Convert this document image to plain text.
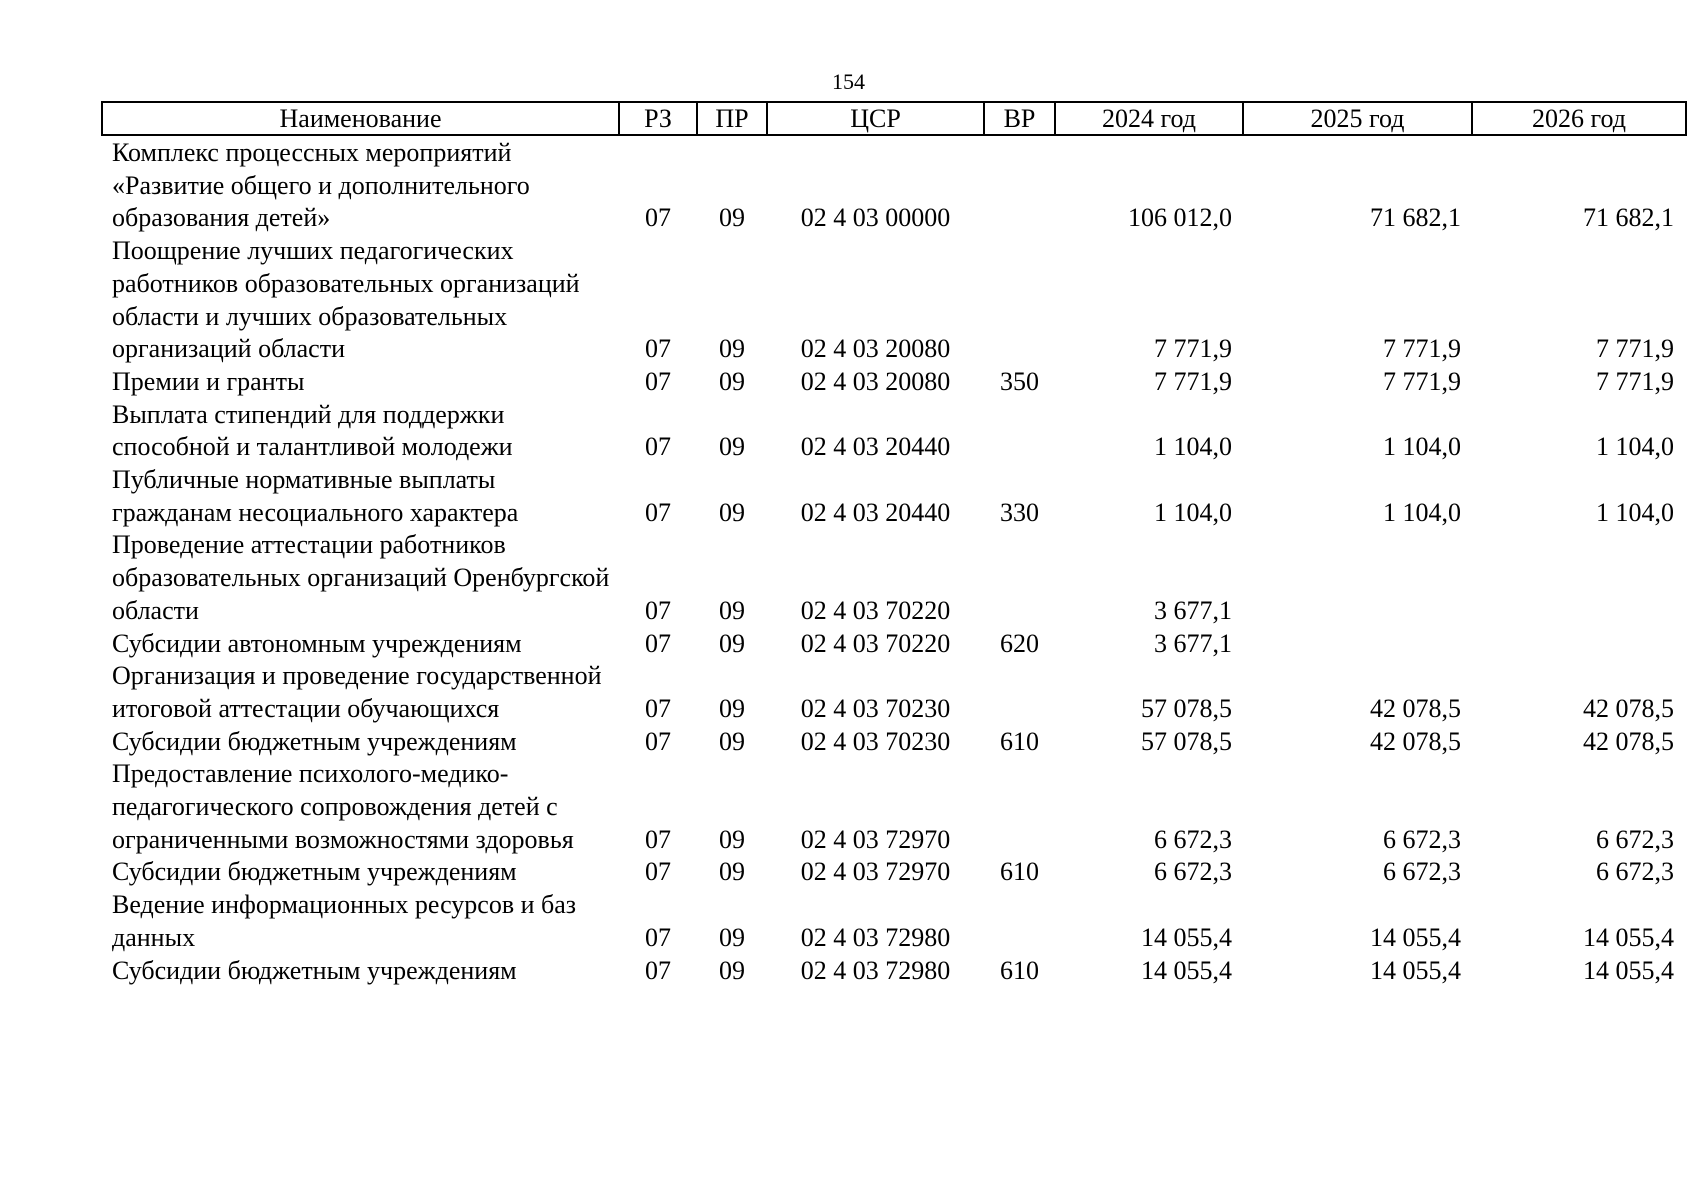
154
Наименование	РЗ	ПР	ЦСР	ВР	2024 год	2025 год	2026 год
Комплекс процессных мероприятий «Развитие общего и дополнительного образования детей»	07	09	02 4 03 00000		106 012,0	71 682,1	71 682,1
Поощрение лучших педагогических работников образовательных организаций области и лучших образовательных организаций области	07	09	02 4 03 20080		7 771,9	7 771,9	7 771,9
Премии и гранты	07	09	02 4 03 20080	350	7 771,9	7 771,9	7 771,9
Выплата стипендий для поддержки способной и талантливой молодежи	07	09	02 4 03 20440		1 104,0	1 104,0	1 104,0
Публичные нормативные выплаты гражданам несоциального характера	07	09	02 4 03 20440	330	1 104,0	1 104,0	1 104,0
Проведение аттестации работников образовательных организаций Оренбургской области	07	09	02 4 03 70220		3 677,1		
Субсидии автономным учреждениям	07	09	02 4 03 70220	620	3 677,1		
Организация и проведение государственной итоговой аттестации обучающихся	07	09	02 4 03 70230		57 078,5	42 078,5	42 078,5
Субсидии бюджетным учреждениям	07	09	02 4 03 70230	610	57 078,5	42 078,5	42 078,5
Предоставление психолого-медико-педагогического сопровождения детей с ограниченными возможностями здоровья	07	09	02 4 03 72970		6 672,3	6 672,3	6 672,3
Субсидии бюджетным учреждениям	07	09	02 4 03 72970	610	6 672,3	6 672,3	6 672,3
Ведение информационных ресурсов и баз данных	07	09	02 4 03 72980		14 055,4	14 055,4	14 055,4
Субсидии бюджетным учреждениям	07	09	02 4 03 72980	610	14 055,4	14 055,4	14 055,4
